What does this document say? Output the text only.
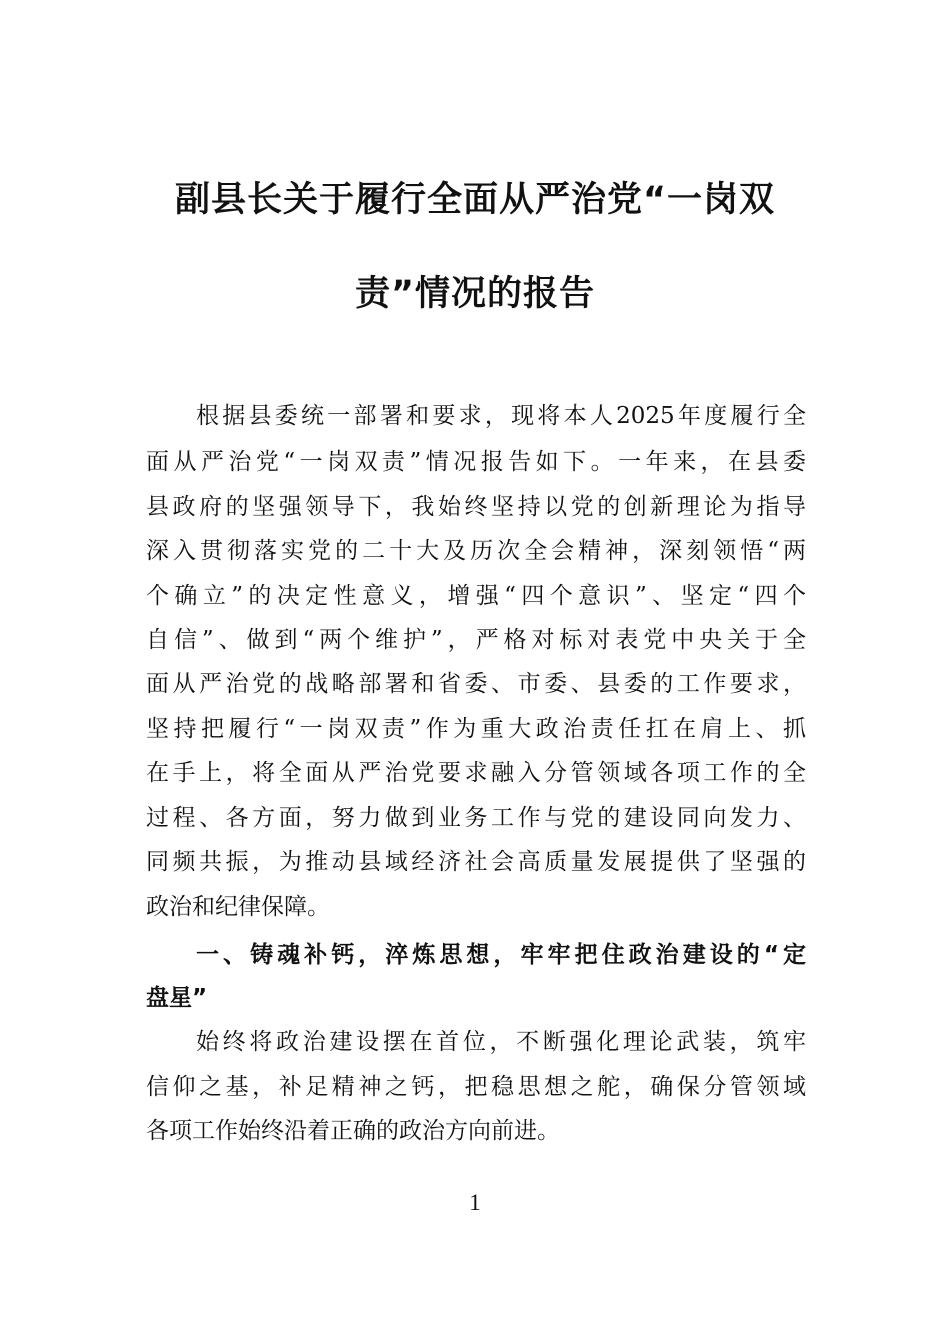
副县长关于履行全面从严治党“一岗双
责”情况的报告
根据县委统一部署和要求，现将本人2025年度履行全
面从严治党“一岗双责”情况报告如下。一年来，在县委
县政府的坚强领导下，我始终坚持以党的创新理论为指导
深入贯彻落实党的二十大及历次全会精神，深刻领悟“两
个确立”的决定性意义，增强“四个意识”、坚定“四个
自信”、做到“两个维护”，严格对标对表党中央关于全
面从严治党的战略部署和省委、市委、县委的工作要求，
坚持把履行“一岗双责”作为重大政治责任扛在肩上、抓
在手上，将全面从严治党要求融入分管领域各项工作的全
过程、各方面，努力做到业务工作与党的建设同向发力、
同频共振，为推动县域经济社会高质量发展提供了坚强的
政治和纪律保障。
一、铸魂补钙，淬炼思想，牢牢把住政治建设的“定
盘星”
始终将政治建设摆在首位，不断强化理论武装，筑牢
信仰之基，补足精神之钙，把稳思想之舵，确保分管领域
各项工作始终沿着正确的政治方向前进。
1
